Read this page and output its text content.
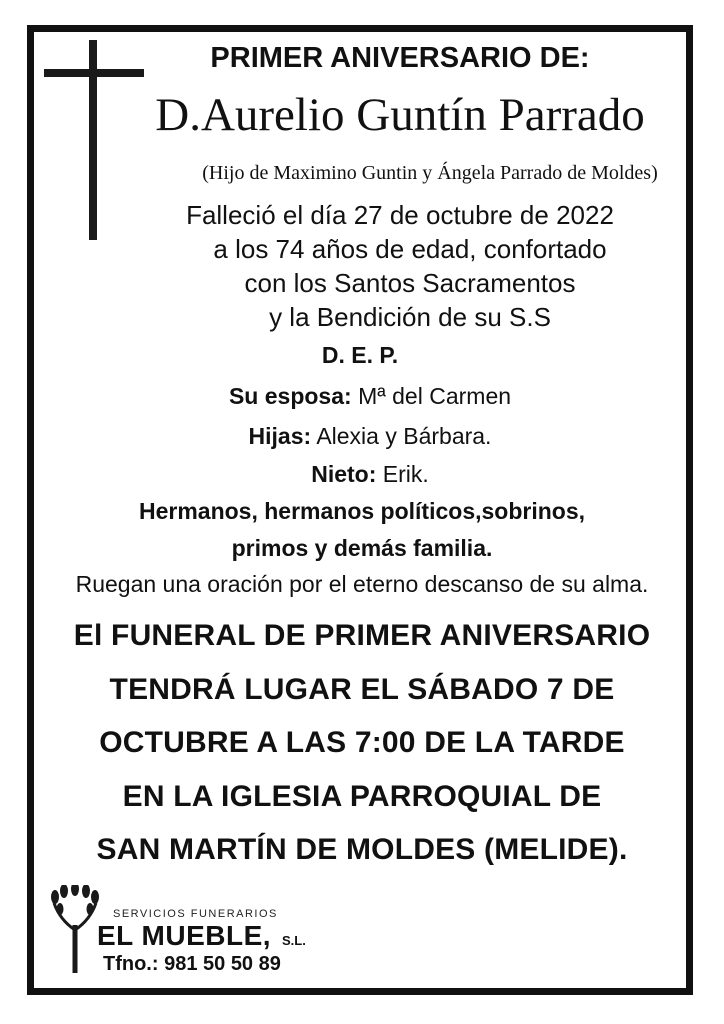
PRIMER ANIVERSARIO DE:
D.Aurelio Guntín Parrado
(Hijo de Maximino Guntin y Ángela Parrado de Moldes)
Falleció el día 27 de octubre de 2022
a los 74 años de edad, confortado
con los Santos Sacramentos
y la Bendición de su S.S
D. E. P.
Su esposa: Mª del Carmen
Hijas: Alexia y Bárbara.
Nieto: Erik.
Hermanos, hermanos políticos,sobrinos,
primos y demás familia.
Ruegan una oración por el eterno descanso de su alma.
El FUNERAL DE PRIMER ANIVERSARIO
TENDRÁ LUGAR EL SÁBADO 7 DE
OCTUBRE A LAS 7:00 DE LA TARDE
EN LA IGLESIA PARROQUIAL DE
SAN MARTÍN DE MOLDES (MELIDE).
SERVICIOS FUNERARIOS
EL MUEBLE, S.L.
Tfno.: 981 50 50 89
